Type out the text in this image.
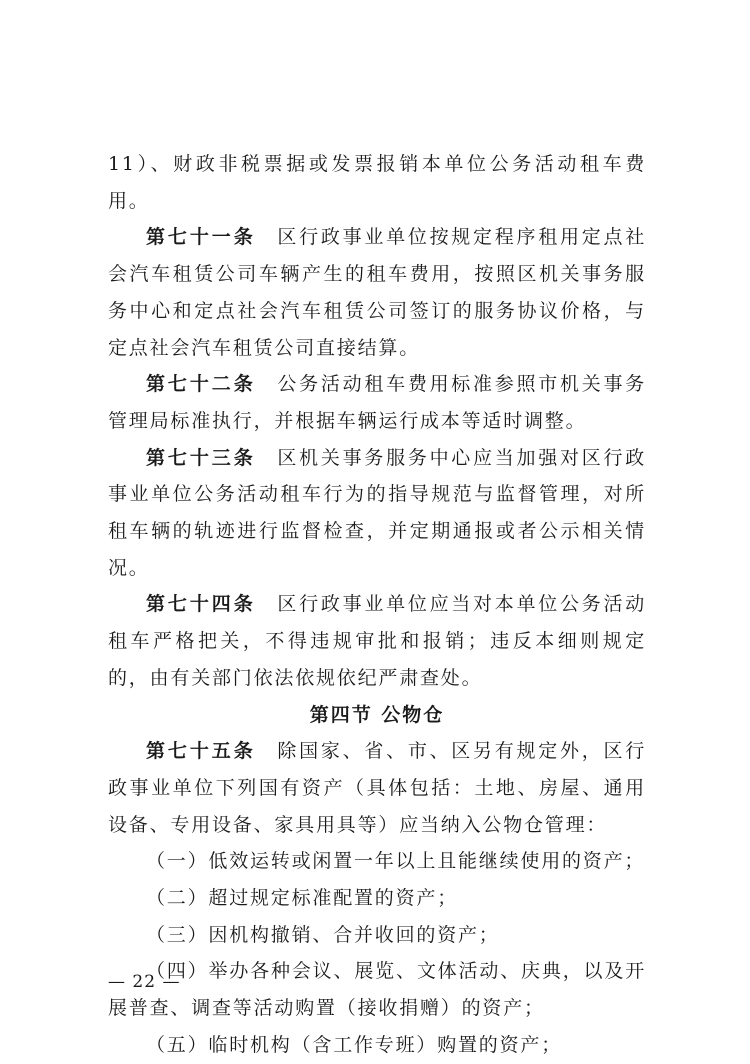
11）、财政非税票据或发票报销本单位公务活动租车费用。

第七十一条  区行政事业单位按规定程序租用定点社会汽车租赁公司车辆产生的租车费用，按照区机关事务服务中心和定点社会汽车租赁公司签订的服务协议价格，与定点社会汽车租赁公司直接结算。

第七十二条  公务活动租车费用标准参照市机关事务管理局标准执行，并根据车辆运行成本等适时调整。

第七十三条  区机关事务服务中心应当加强对区行政事业单位公务活动租车行为的指导规范与监督管理，对所租车辆的轨迹进行监督检查，并定期通报或者公示相关情况。

第七十四条  区行政事业单位应当对本单位公务活动租车严格把关，不得违规审批和报销；违反本细则规定的，由有关部门依法依规依纪严肃查处。

第四节 公物仓

第七十五条  除国家、省、市、区另有规定外，区行政事业单位下列国有资产（具体包括：土地、房屋、通用设备、专用设备、家具用具等）应当纳入公物仓管理：

（一）低效运转或闲置一年以上且能继续使用的资产；

（二）超过规定标准配置的资产；

（三）因机构撤销、合并收回的资产；

（四）举办各种会议、展览、文体活动、庆典，以及开展普查、调查等活动购置（接收捐赠）的资产；

（五）临时机构（含工作专班）购置的资产；

— 22 —
